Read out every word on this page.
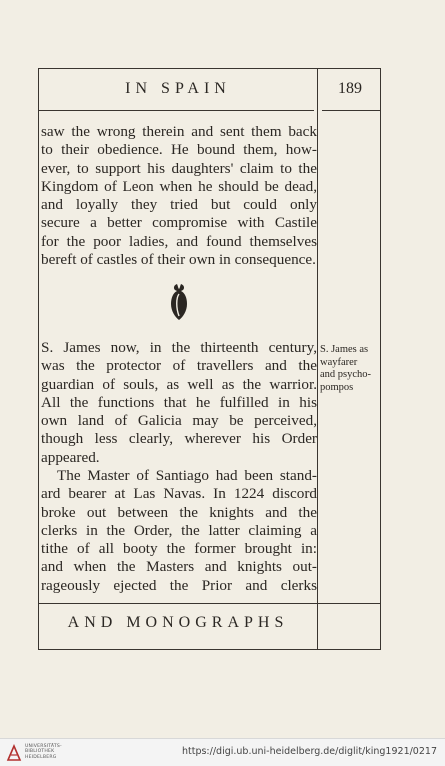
IN SPAIN	189

saw the wrong therein and sent them back
to their obedience. He bound them, how-
ever, to support his daughters' claim to the
Kingdom of Leon when he should be dead,
and loyally they tried but could only
secure a better compromise with Castile
for the poor ladies, and found themselves
bereft of castles of their own in consequence.

S. James now, in the thirteenth century,
was the protector of travellers and the
guardian of souls, as well as the warrior.
All the functions that he fulfilled in his
own land of Galicia may be perceived,
though less clearly, wherever his Order
appeared.

The Master of Santiago had been stand-
ard bearer at Las Navas. In 1224 discord
broke out between the knights and the
clerks in the Order, the latter claiming a
tithe of all booty the former brought in:
and when the Masters and knights out-
rageously ejected the Prior and clerks

S. James as
wayfarer
and psycho-
pompos
AND MONOGRAPHS
UNIVERSITÄTS-
BIBLIOTHEK
HEIDELBERG
https://digi.ub.uni-heidelberg.de/diglit/king1921/0217
